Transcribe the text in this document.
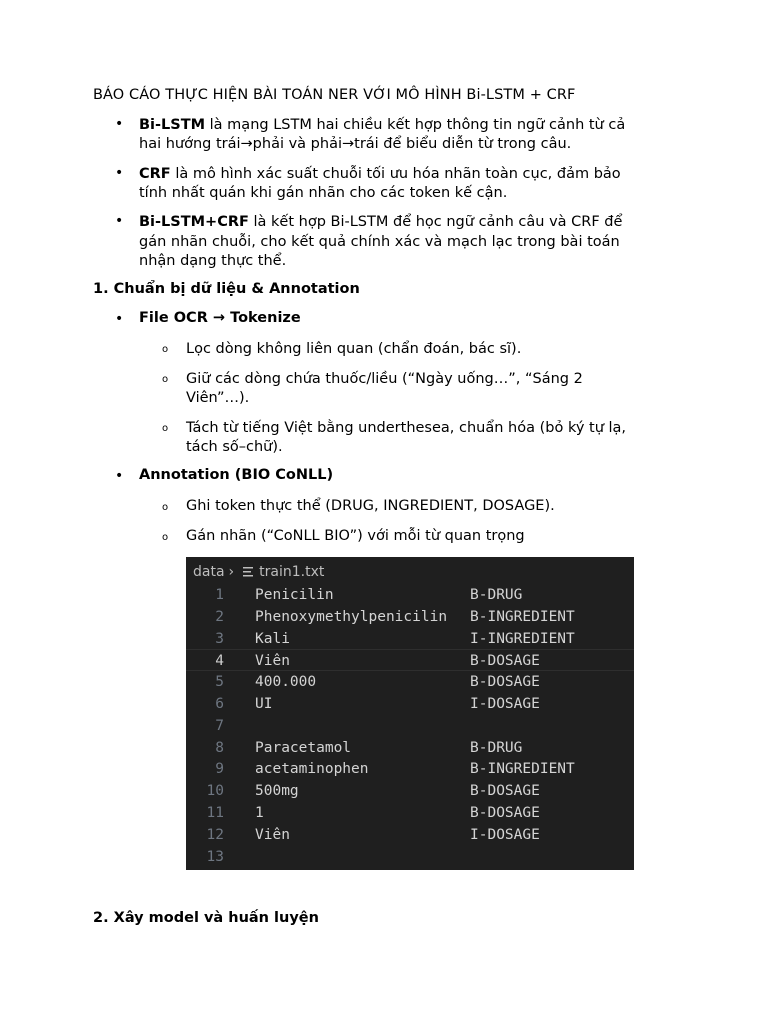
BÁO CÁO THỰC HIỆN BÀI TOÁN NER VỚI MÔ HÌNH Bi-LSTM + CRF
• Bi-LSTM là mạng LSTM hai chiều kết hợp thông tin ngữ cảnh từ cả
hai hướng trái→phải và phải→trái để biểu diễn từ trong câu.
• CRF là mô hình xác suất chuỗi tối ưu hóa nhãn toàn cục, đảm bảo
tính nhất quán khi gán nhãn cho các token kế cận.
• Bi-LSTM+CRF là kết hợp Bi-LSTM để học ngữ cảnh câu và CRF để
gán nhãn chuỗi, cho kết quả chính xác và mạch lạc trong bài toán
nhận dạng thực thể.
1. Chuẩn bị dữ liệu & Annotation
• File OCR → Tokenize
o Lọc dòng không liên quan (chẩn đoán, bác sĩ).
o Giữ các dòng chứa thuốc/liều (“Ngày uống…”, “Sáng 2
Viên”…).
o Tách từ tiếng Việt bằng underthesea, chuẩn hóa (bỏ ký tự lạ,
tách số–chữ).
• Annotation (BIO CoNLL)
o Ghi token thực thể (DRUG, INGREDIENT, DOSAGE).
o Gán nhãn (“CoNLL BIO”) với mỗi từ quan trọng
data › train1.txt
1 Penicilin	B-DRUG
2 Phenoxymethylpenicilin B-INGREDIENT
3 Kali	I-INGREDIENT
4 Viên	B-DOSAGE
5 400.000	B-DOSAGE
6 UI	I-DOSAGE
7
8 Paracetamol	B-DRUG
9 acetaminophen	B-INGREDIENT
10 500mg	B-DOSAGE
11 1	B-DOSAGE
12 Viên	I-DOSAGE
13
2. Xây model và huấn luyện
